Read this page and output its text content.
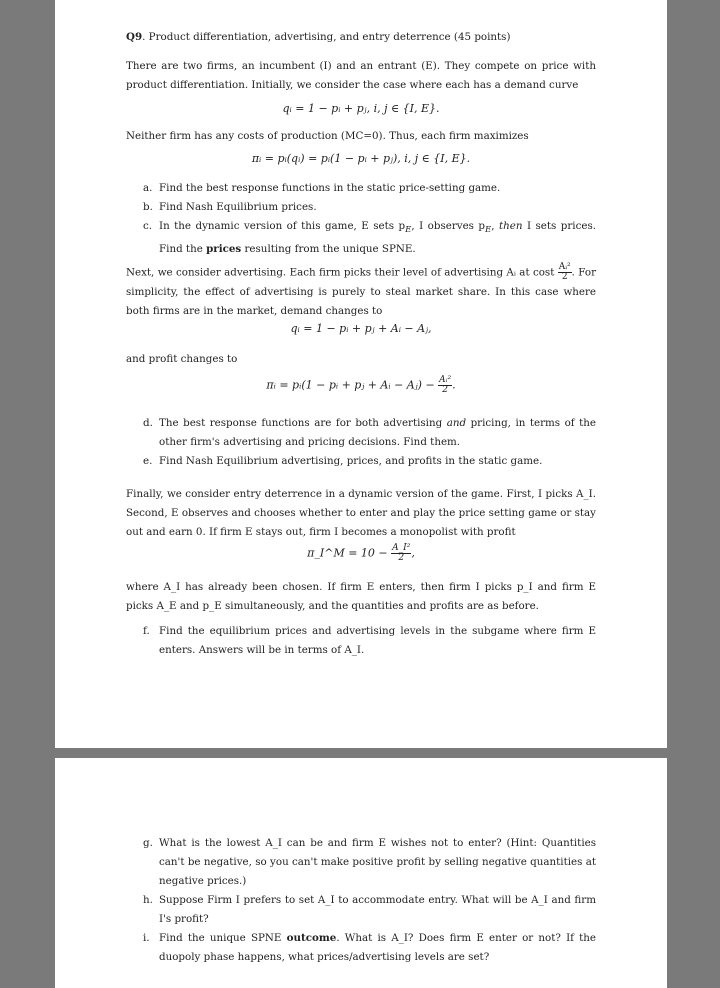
Q9. Product differentiation, advertising, and entry deterrence (45 points)
There are two firms, an incumbent (I) and an entrant (E). They compete on price with product differentiation. Initially, we consider the case where each has a demand curve
qᵢ = 1 − pᵢ + pⱼ, i, j ∈ {I, E}.
Neither firm has any costs of production (MC=0). Thus, each firm maximizes
πᵢ = pᵢ(qᵢ) = pᵢ(1 − pᵢ + pⱼ), i, j ∈ {I, E}.
a. Find the best response functions in the static price-setting game.
b. Find Nash Equilibrium prices.
c. In the dynamic version of this game, E sets $p_E$, I observes $p_E$, then I sets prices. Find the prices resulting from the unique SPNE.
Next, we consider advertising. Each firm picks their level of advertising Aᵢ at cost $\frac{\text{Aᵢ²}}{2}$ . For simplicity, the effect of advertising is purely to steal market share. In this case where both firms are in the market, demand changes to
qᵢ = 1 − pᵢ + pⱼ + Aᵢ − Aⱼ,
and profit changes to
πᵢ = pᵢ(1 − pᵢ + pⱼ + Aᵢ − Aⱼ) − $\frac{\text{Aᵢ²}}{2}$ .
d. The best response functions are for both advertising and pricing, in terms of the other firm's advertising and pricing decisions. Find them.
e. Find Nash Equilibrium advertising, prices, and profits in the static game.
Finally, we consider entry deterrence in a dynamic version of the game. First, I picks A_I. Second, E observes and chooses whether to enter and play the price setting game or stay out and earn 0. If firm E stays out, firm I becomes a monopolist with profit
π_I^M = $10 - \frac{\text{A\_I²}}{2}$ ,
where A_I has already been chosen. If firm E enters, then firm I picks p_I and firm E picks A_E and p_E simultaneously, and the quantities and profits are as before.
f. Find the equilibrium prices and advertising levels in the subgame where firm E enters. Answers will be in terms of A_I.
g. What is the lowest A_I can be and firm E wishes not to enter? (Hint: Quantities can't be negative, so you can't make positive profit by selling negative quantities at negative prices.)
h. Suppose Firm I prefers to set A_I to accommodate entry. What will be A_I and firm I's profit?
i. Find the unique SPNE outcome. What is A_I? Does firm E enter or not? If the duopoly phase happens, what prices/advertising levels are set?
